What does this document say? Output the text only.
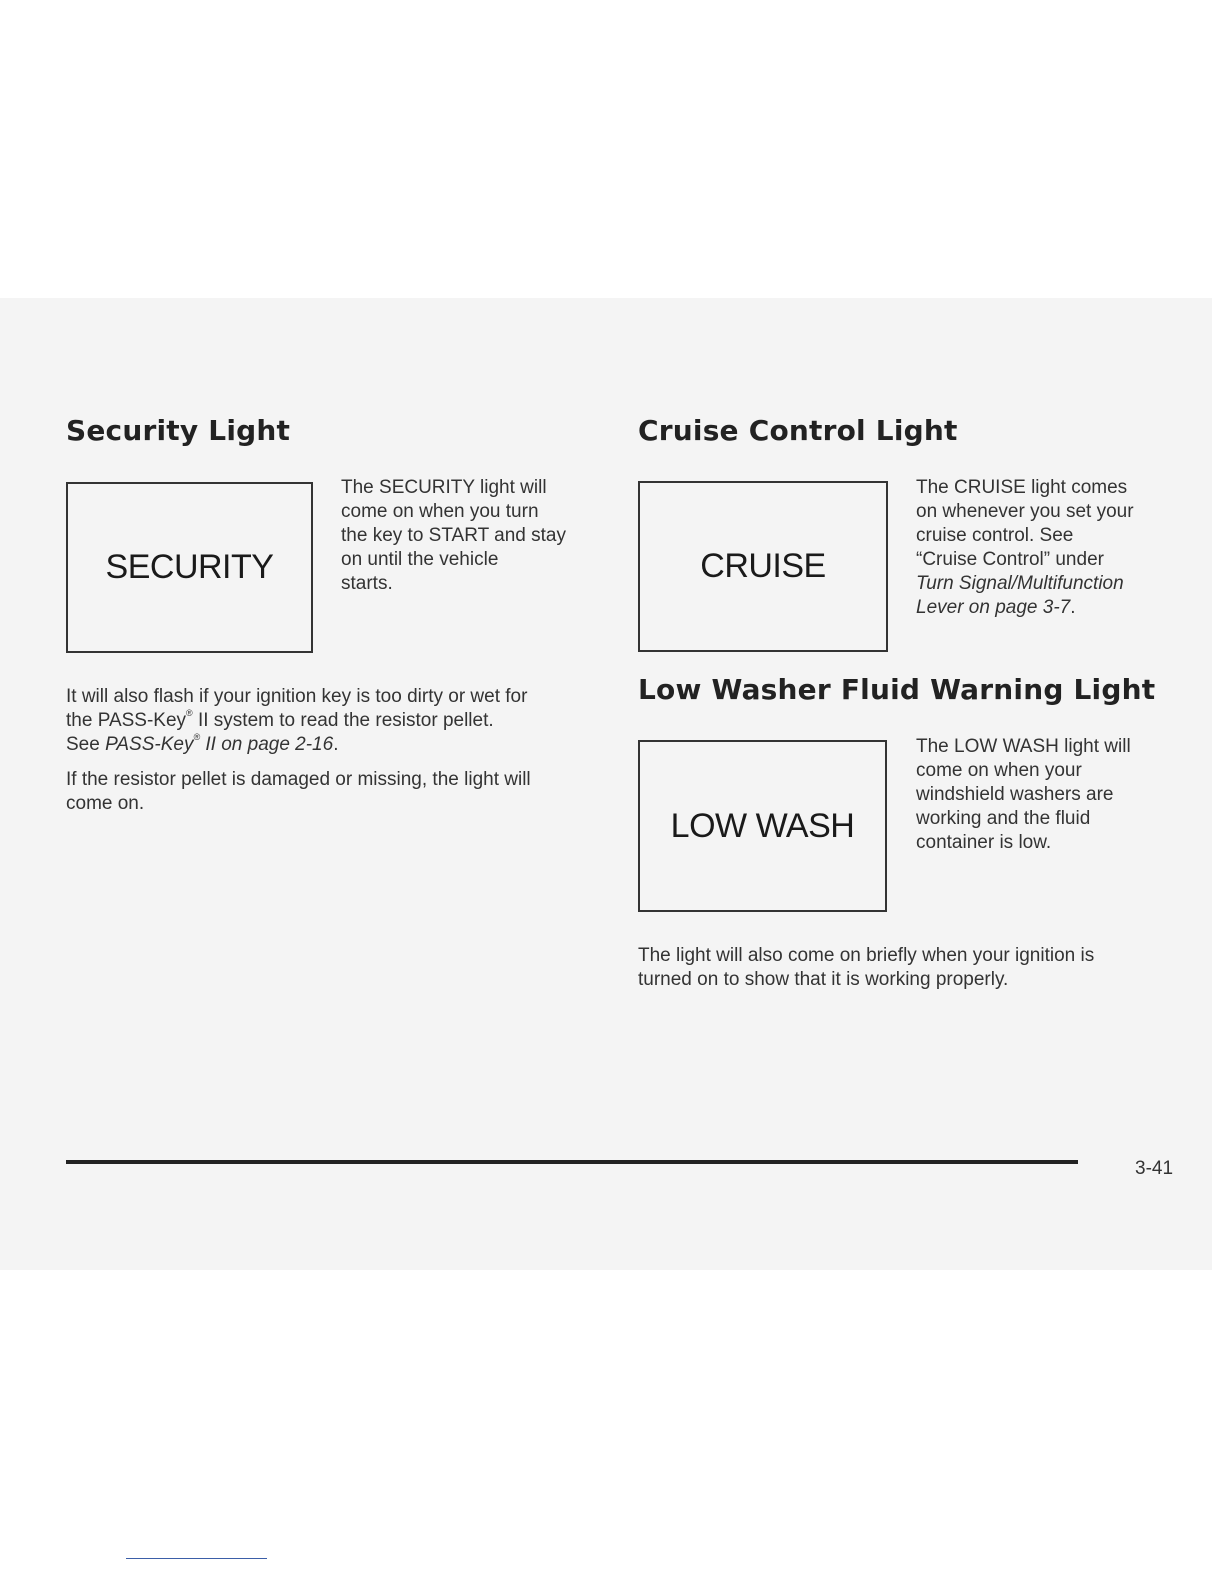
Security Light
SECURITY
The SECURITY light will
come on when you turn
the key to START and stay
on until the vehicle
starts.
It will also flash if your ignition key is too dirty or wet for
the PASS-Key® II system to read the resistor pellet.
See PASS-Key® II on page 2-16.
If the resistor pellet is damaged or missing, the light will
come on.
Cruise Control Light
CRUISE
The CRUISE light comes
on whenever you set your
cruise control. See
“Cruise Control” under
Turn Signal/Multifunction
Lever on page 3-7.
Low Washer Fluid Warning Light
LOW WASH
The LOW WASH light will
come on when your
windshield washers are
working and the fluid
container is low.
The light will also come on briefly when your ignition is
turned on to show that it is working properly.
3-41
